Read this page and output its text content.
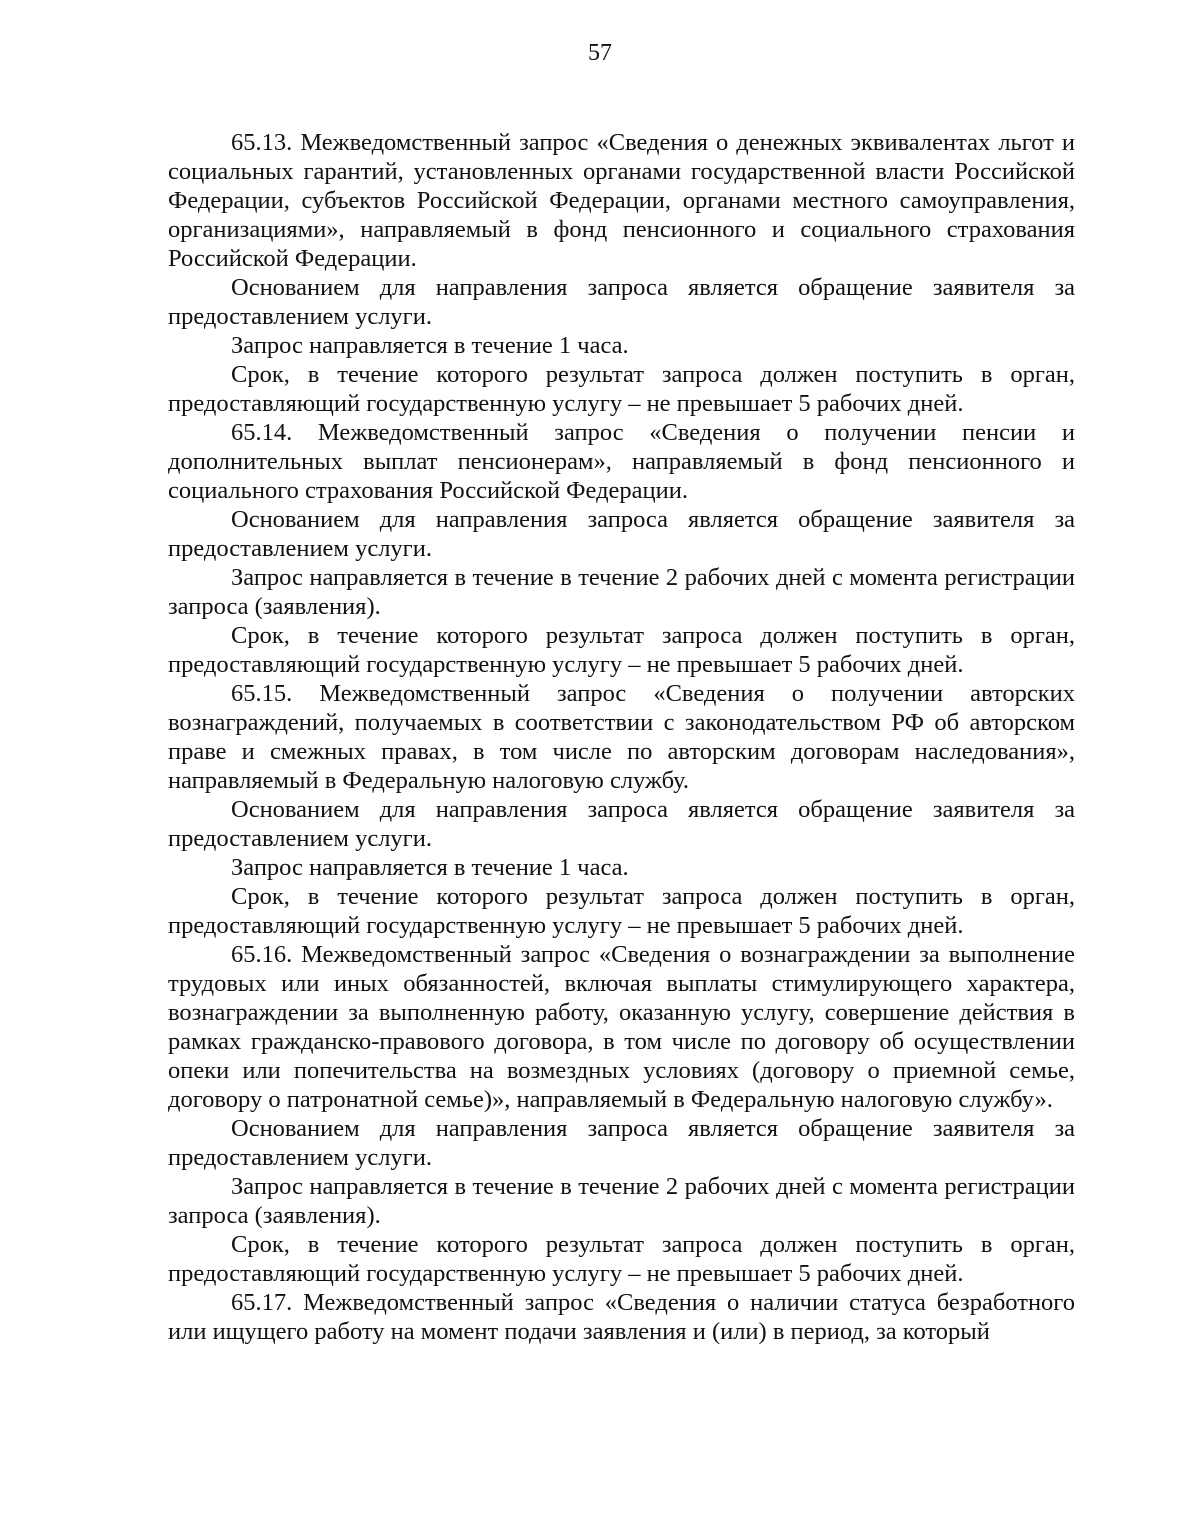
57

65.13. Межведомственный запрос «Сведения о денежных эквивалентах льгот и социальных гарантий, установленных органами государственной власти Российской Федерации, субъектов Российской Федерации, органами местного самоуправления, организациями», направляемый в фонд пенсионного и социального страхования Российской Федерации.

Основанием для направления запроса является обращение заявителя за предоставлением услуги.

Запрос направляется в течение 1 часа.

Срок, в течение которого результат запроса должен поступить в орган, предоставляющий государственную услугу – не превышает 5 рабочих дней.

65.14. Межведомственный запрос «Сведения о получении пенсии и дополнительных выплат пенсионерам», направляемый в фонд пенсионного и социального страхования Российской Федерации.

Основанием для направления запроса является обращение заявителя за предоставлением услуги.

Запрос направляется в течение в течение 2 рабочих дней с момента регистрации запроса (заявления).

Срок, в течение которого результат запроса должен поступить в орган, предоставляющий государственную услугу – не превышает 5 рабочих дней.

65.15. Межведомственный запрос «Сведения о получении авторских вознаграждений, получаемых в соответствии с законодательством РФ об авторском праве и смежных правах, в том числе по авторским договорам наследования», направляемый в Федеральную налоговую службу.

Основанием для направления запроса является обращение заявителя за предоставлением услуги.

Запрос направляется в течение 1 часа.

Срок, в течение которого результат запроса должен поступить в орган, предоставляющий государственную услугу – не превышает 5 рабочих дней.

65.16. Межведомственный запрос «Сведения о вознаграждении за выполнение трудовых или иных обязанностей, включая выплаты стимулирующего характера, вознаграждении за выполненную работу, оказанную услугу, совершение действия в рамках гражданско-правового договора, в том числе по договору об осуществлении опеки или попечительства на возмездных условиях (договору о приемной семье, договору о патронатной семье)», направляемый в Федеральную налоговую службу».

Основанием для направления запроса является обращение заявителя за предоставлением услуги.

Запрос направляется в течение в течение 2 рабочих дней с момента регистрации запроса (заявления).

Срок, в течение которого результат запроса должен поступить в орган, предоставляющий государственную услугу – не превышает 5 рабочих дней.

65.17. Межведомственный запрос «Сведения о наличии статуса безработного или ищущего работу на момент подачи заявления и (или) в период, за который
